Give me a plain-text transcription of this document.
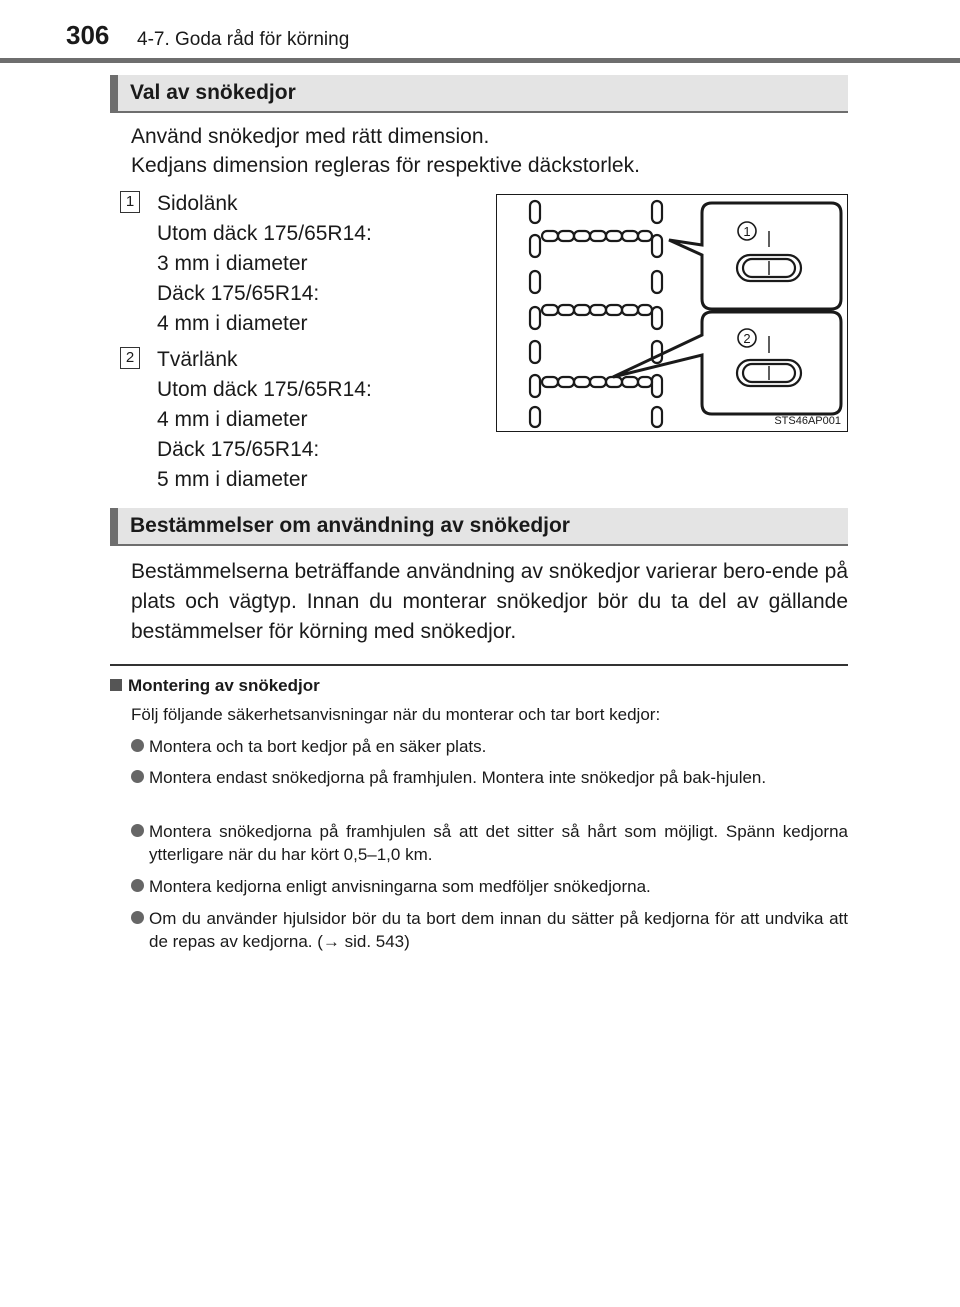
306 4-7. Goda råd för körning
Val av snökedjor
Använd snökedjor med rätt dimension.
Kedjans dimension regleras för respektive däckstorlek.
1 Sidolänk
Utom däck 175/65R14:
3 mm i diameter
Däck 175/65R14:
4 mm i diameter
2 Tvärlänk
Utom däck 175/65R14:
4 mm i diameter
Däck 175/65R14:
5 mm i diameter
1
2
STS46AP001
Bestämmelser om användning av snökedjor
Bestämmelserna beträffande användning av snökedjor varierar bero-ende på plats och vägtyp. Innan du monterar snökedjor bör du ta del av gällande bestämmelser för körning med snökedjor.
Montering av snökedjor
Följ följande säkerhetsanvisningar när du monterar och tar bort kedjor:
Montera och ta bort kedjor på en säker plats.
Montera endast snökedjorna på framhjulen. Montera inte snökedjor på bak-hjulen.
Montera snökedjorna på framhjulen så att det sitter så hårt som möjligt. Spänn kedjorna ytterligare när du har kört 0,5–1,0 km.
Montera kedjorna enligt anvisningarna som medföljer snökedjorna.
Om du använder hjulsidor bör du ta bort dem innan du sätter på kedjorna för att undvika att de repas av kedjorna. (→ sid. 543)
